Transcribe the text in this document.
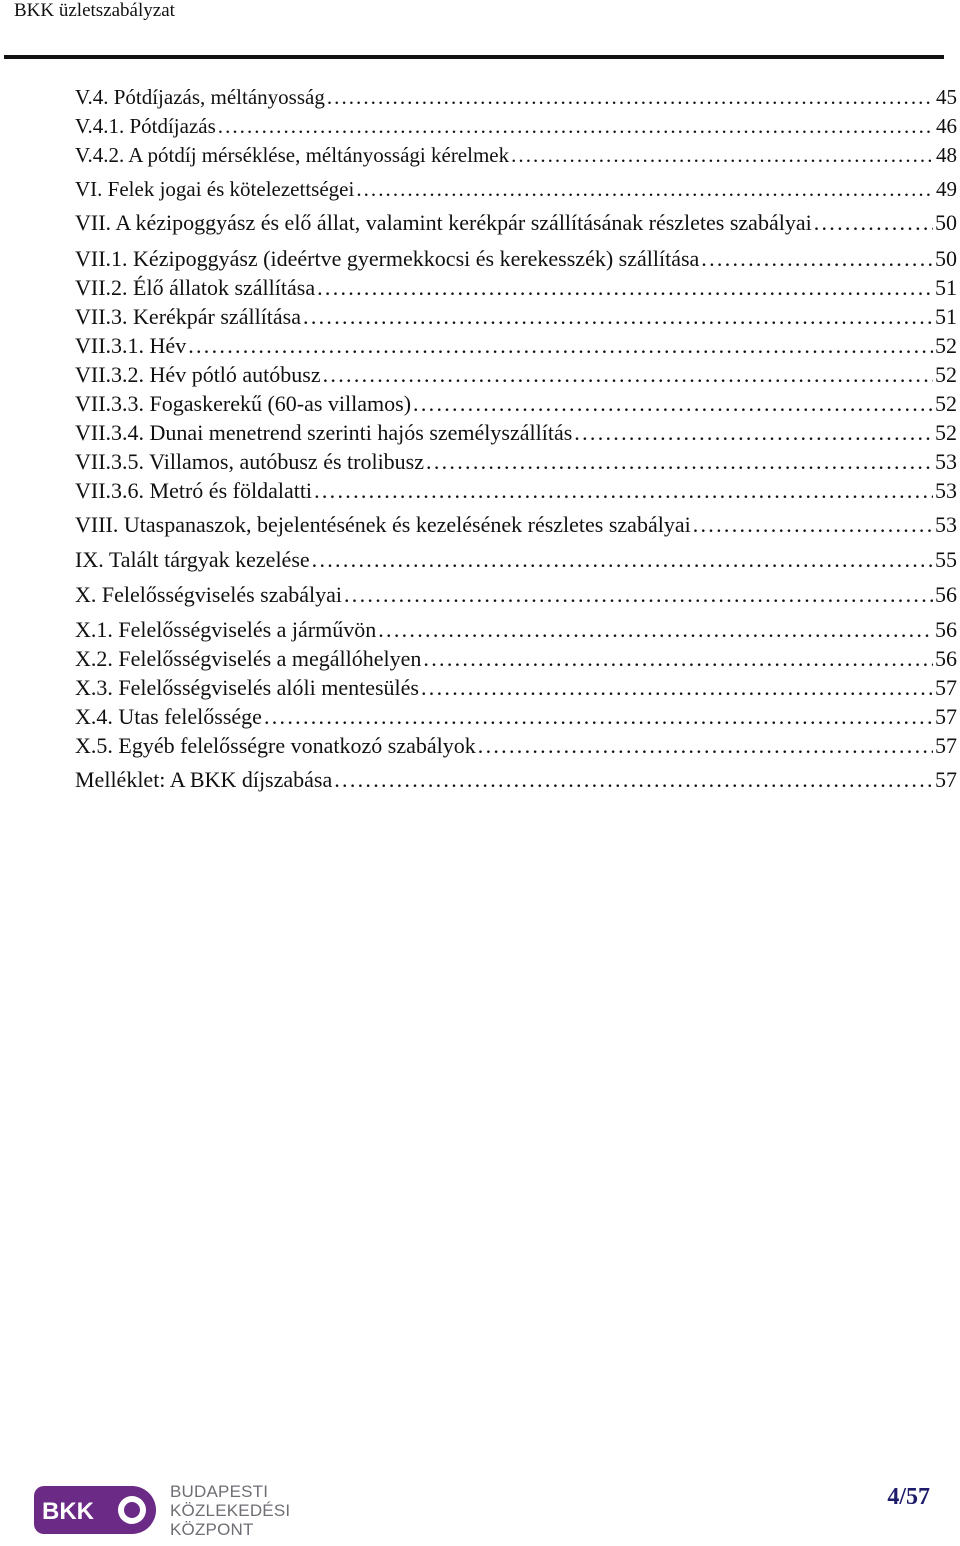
BKK üzletszabályzat
V.4. Pótdíjazás, méltányosság . . .	45
V.4.1. Pótdíjazás . . .	46
V.4.2. A pótdíj mérséklése, méltányossági kérelmek . . .	48
VI. Felek jogai és kötelezettségei . . .	49
VII. A kézipoggyász és elő állat, valamint kerékpár szállításának részletes szabályai . . .	50
VII.1. Kézipoggyász (ideértve gyermekkocsi és kerekesszék) szállítása . . .	50
VII.2. Élő állatok szállítása . . .	51
VII.3. Kerékpár szállítása . . .	51
VII.3.1. Hév . . .	52
VII.3.2. Hév pótló autóbusz . . .	52
VII.3.3. Fogaskerekű (60-as villamos) . . .	52
VII.3.4. Dunai menetrend szerinti hajós személyszállítás . . .	52
VII.3.5. Villamos, autóbusz és trolibusz . . .	53
VII.3.6. Metró és földalatti . . .	53
VIII. Utaspanaszok, bejelentésének és kezelésének részletes szabályai . . .	53
IX. Talált tárgyak kezelése . . .	55
X. Felelősségviselés szabályai . . .	56
X.1. Felelősségviselés a járművön . . .	56
X.2. Felelősségviselés a megállóhelyen . . .	56
X.3. Felelősségviselés alóli mentesülés . . .	57
X.4. Utas felelőssége . . .	57
X.5. Egyéb felelősségre vonatkozó szabályok . . .	57
Melléklet: A BKK díjszabása . . .	57
BKK
BUDAPESTI
KÖZLEKEDÉSI
KÖZPONT
4/57
